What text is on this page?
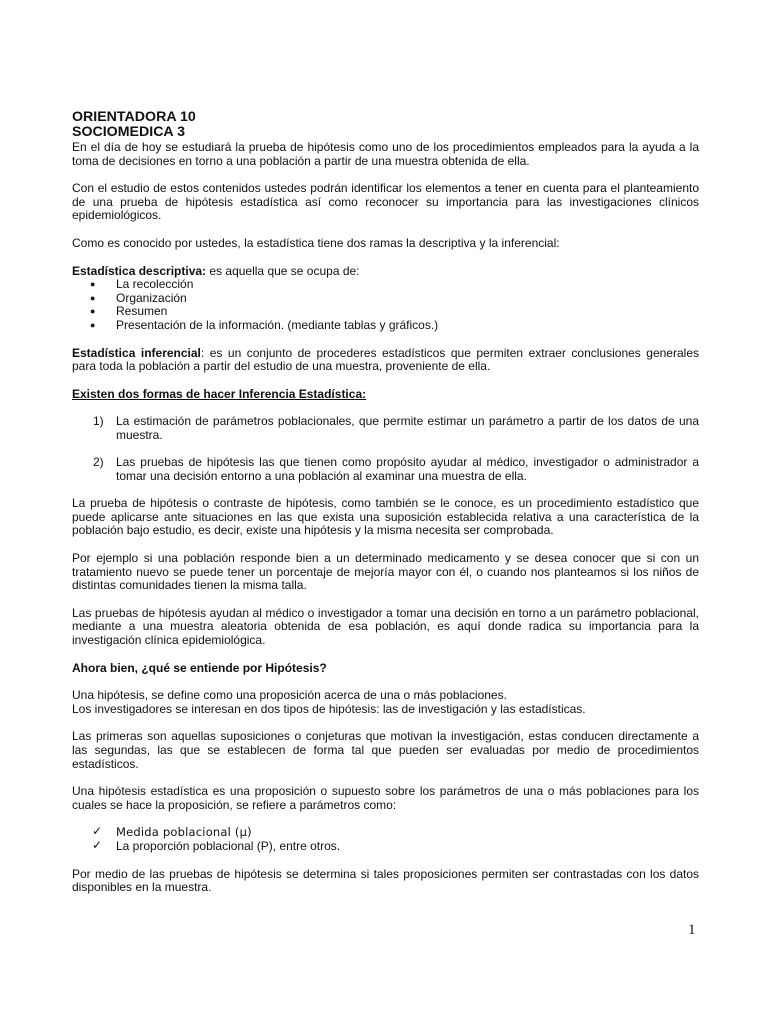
ORIENTADORA 10
SOCIOMEDICA 3

En el día de hoy se estudiará la prueba de hipótesis como uno de los procedimientos empleados para la ayuda a la toma de decisiones en torno a una población a partir de una muestra obtenida de ella.

Con el estudio de estos contenidos ustedes podrán identificar los elementos a tener en cuenta para el planteamiento de una prueba de hipótesis estadística así como reconocer su importancia para las investigaciones clínicos epidemiológicos.

Como es conocido por ustedes, la estadística tiene dos ramas la descriptiva y la inferencial:

Estadística descriptiva: es aquella que se ocupa de:

● La recolección
● Organización
● Resumen
● Presentación de la información. (mediante tablas y gráficos.)

Estadística inferencial: es un conjunto de procederes estadísticos que permiten extraer conclusiones generales para toda la población a partir del estudio de una muestra, proveniente de ella.

Existen dos formas de hacer Inferencia Estadística:

1) La estimación de parámetros poblacionales, que permite estimar un parámetro a partir de los datos de una muestra.
2) Las pruebas de hipótesis las que tienen como propósito ayudar al médico, investigador o administrador a tomar una decisión entorno a una población al examinar una muestra de ella.

La prueba de hipótesis o contraste de hipótesis, como también se le conoce, es un procedimiento estadístico que puede aplicarse ante situaciones en las que exista una suposición establecida relativa a una característica de la población bajo estudio, es decir, existe una hipótesis y la misma necesita ser comprobada.

Por ejemplo si una población responde bien a un determinado medicamento y se desea conocer que si con un tratamiento nuevo se puede tener un porcentaje de mejoría mayor con él, o cuando nos planteamos si los niños de distintas comunidades tienen la misma talla.

Las pruebas de hipótesis ayudan al médico o investigador a tomar una decisión en torno a un parámetro poblacional, mediante a una muestra aleatoria obtenida de esa población, es aquí donde radica su importancia para la investigación clínica epidemiológica.

Ahora bien, ¿qué se entiende por Hipótesis?

Una hipótesis, se define como una proposición acerca de una o más poblaciones.

Los investigadores se interesan en dos tipos de hipótesis: las de investigación y las estadísticas.

Las primeras son aquellas suposiciones o conjeturas que motivan la investigación, estas conducen directamente a las segundas, las que se establecen de forma tal que pueden ser evaluadas por medio de procedimientos estadísticos.

Una hipótesis estadística es una proposición o supuesto sobre los parámetros de una o más poblaciones para los cuales se hace la proposición, se refiere a parámetros como:

✓ Medida poblacional (μ)
✓ La proporción poblacional (P), entre otros.

Por medio de las pruebas de hipótesis se determina si tales proposiciones permiten ser contrastadas con los datos disponibles en la muestra.

1
